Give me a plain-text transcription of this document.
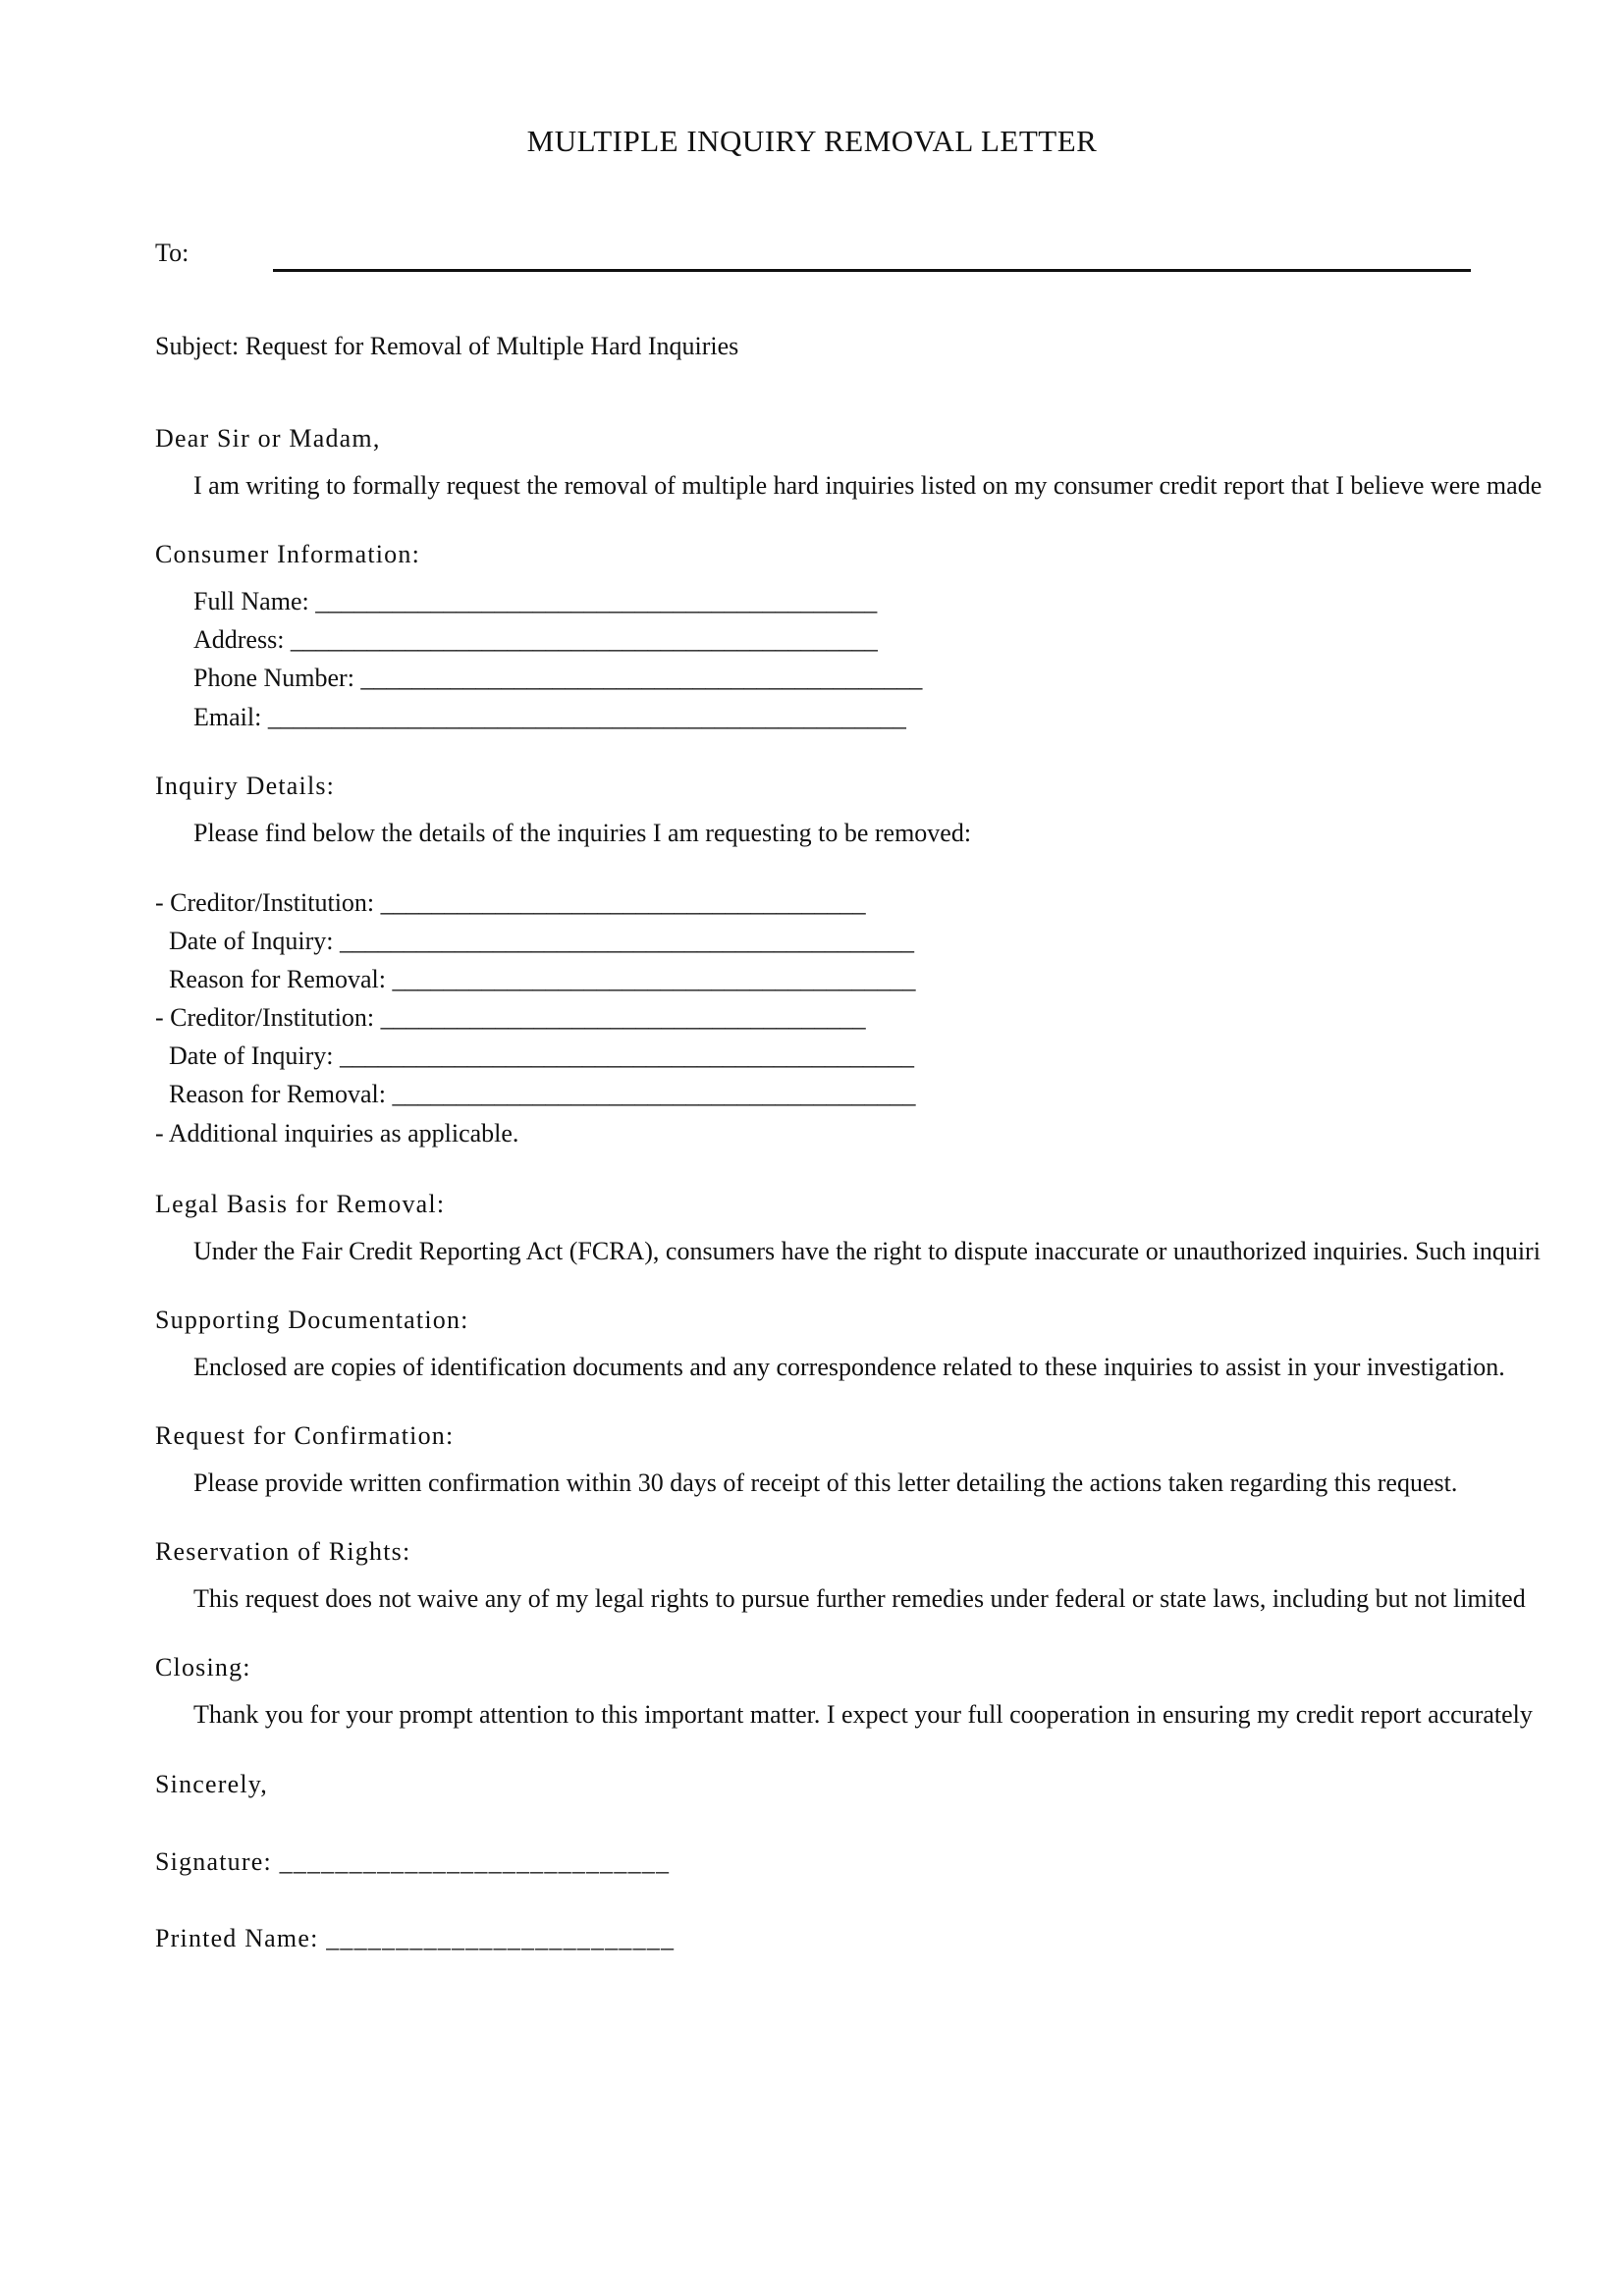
MULTIPLE INQUIRY REMOVAL LETTER
To:
Subject: Request for Removal of Multiple Hard Inquiries
Dear Sir or Madam,
I am writing to formally request the removal of multiple hard inquiries listed on my consumer credit report that I believe were made
Consumer Information:
Full Name: ____________________________________________
Address: ______________________________________________
Phone Number: ____________________________________________
Email: __________________________________________________
Inquiry Details:
Please find below the details of the inquiries I am requesting to be removed:
- Creditor/Institution: ______________________________________
Date of Inquiry: _____________________________________________
Reason for Removal: _________________________________________
- Creditor/Institution: ______________________________________
Date of Inquiry: _____________________________________________
Reason for Removal: _________________________________________
- Additional inquiries as applicable.
Legal Basis for Removal:
Under the Fair Credit Reporting Act (FCRA), consumers have the right to dispute inaccurate or unauthorized inquiries. Such inquiri
Supporting Documentation:
Enclosed are copies of identification documents and any correspondence related to these inquiries to assist in your investigation.
Request for Confirmation:
Please provide written confirmation within 30 days of receipt of this letter detailing the actions taken regarding this request.
Reservation of Rights:
This request does not waive any of my legal rights to pursue further remedies under federal or state laws, including but not limited
Closing:
Thank you for your prompt attention to this important matter. I expect your full cooperation in ensuring my credit report accurately
Sincerely,
Signature: ____________________________
Printed Name: _________________________
